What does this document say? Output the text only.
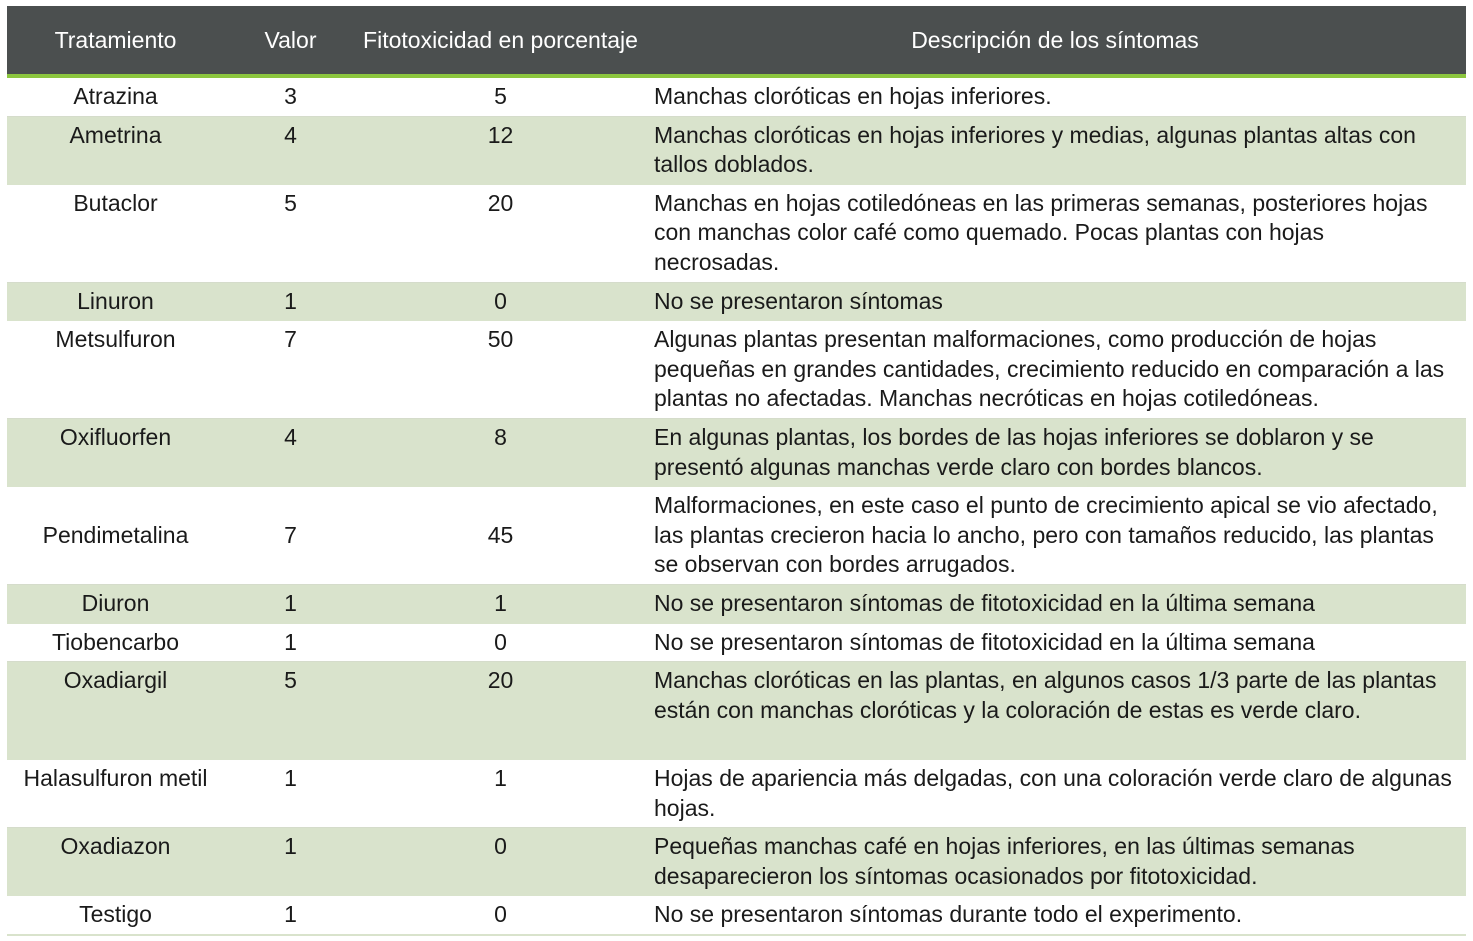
Tratamiento	Valor	Fitotoxicidad en porcentaje	Descripción de los síntomas
Atrazina	3	5	Manchas cloróticas en hojas inferiores.
Ametrina	4	12	Manchas cloróticas en hojas inferiores y medias, algunas plantas altas con tallos doblados.
Butaclor	5	20	Manchas en hojas cotiledóneas en las primeras semanas, posteriores hojas con manchas color café como quemado. Pocas plantas con hojas necrosadas.
Linuron	1	0	No se presentaron síntomas
Metsulfuron	7	50	Algunas plantas presentan malformaciones, como producción de hojas pequeñas en grandes cantidades, crecimiento reducido en comparación a las plantas no afectadas. Manchas necróticas en hojas cotiledóneas.
Oxifluorfen	4	8	En algunas plantas, los bordes de las hojas inferiores se doblaron y se presentó algunas manchas verde claro con bordes blancos.
Pendimetalina	7	45	Malformaciones, en este caso el punto de crecimiento apical se vio afectado, las plantas crecieron hacia lo ancho, pero con tamaños reducido, las plantas se observan con bordes arrugados.
Diuron	1	1	No se presentaron síntomas de fitotoxicidad en la última semana
Tiobencarbo	1	0	No se presentaron síntomas de fitotoxicidad en la última semana
Oxadiargil	5	20	Manchas cloróticas en las plantas, en algunos casos 1/3 parte de las plantas están con manchas cloróticas y la coloración de estas es verde claro.
Halasulfuron metil	1	1	Hojas de apariencia más delgadas, con una coloración verde claro de algunas hojas.
Oxadiazon	1	0	Pequeñas manchas café en hojas inferiores, en las últimas semanas desaparecieron los síntomas ocasionados por fitotoxicidad.
Testigo	1	0	No se presentaron síntomas durante todo el experimento.
